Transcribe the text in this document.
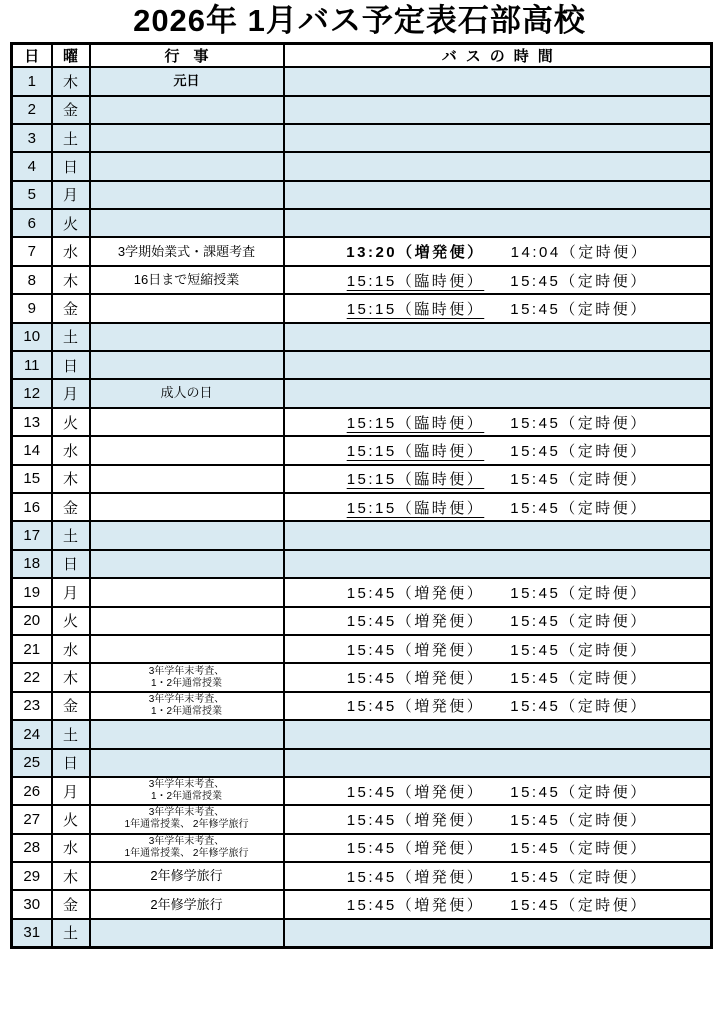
2026年 1月バス予定表石部高校
日	曜	行事	バスの時間
1	木	元日	

2	金		
3	土		
4	日		
5	月		
6	火		
7	水	3学期始業式・課題考査	13:20（増発便） 14:04（定時便）
8	木	16日まで短縮授業	15:15（臨時便） 15:45（定時便）
9	金		15:15（臨時便） 15:45（定時便）
10	土		
11	日		
12	月	成人の日	

13	火		15:15（臨時便） 15:45（定時便）
14	水		15:15（臨時便） 15:45（定時便）
15	木		15:15（臨時便） 15:45（定時便）
16	金		15:15（臨時便） 15:45（定時便）
17	土		
18	日		
19	月		15:45（増発便） 15:45（定時便）
20	火		15:45（増発便） 15:45（定時便）
21	水		15:45（増発便） 15:45（定時便）
22	木	3年学年末考査、
1・2年通常授業	15:45（増発便） 15:45（定時便）
23	金	3年学年末考査、
1・2年通常授業	15:45（増発便） 15:45（定時便）
24	土		
25	日		
26	月	3年学年末考査、
1・2年通常授業	15:45（増発便） 15:45（定時便）
27	火	3年学年末考査、
1年通常授業、 2年修学旅行	15:45（増発便） 15:45（定時便）
28	水	3年学年末考査、
1年通常授業、 2年修学旅行	15:45（増発便） 15:45（定時便）
29	木	2年修学旅行	15:45（増発便） 15:45（定時便）
30	金	2年修学旅行	15:45（増発便） 15:45（定時便）
31	土		
